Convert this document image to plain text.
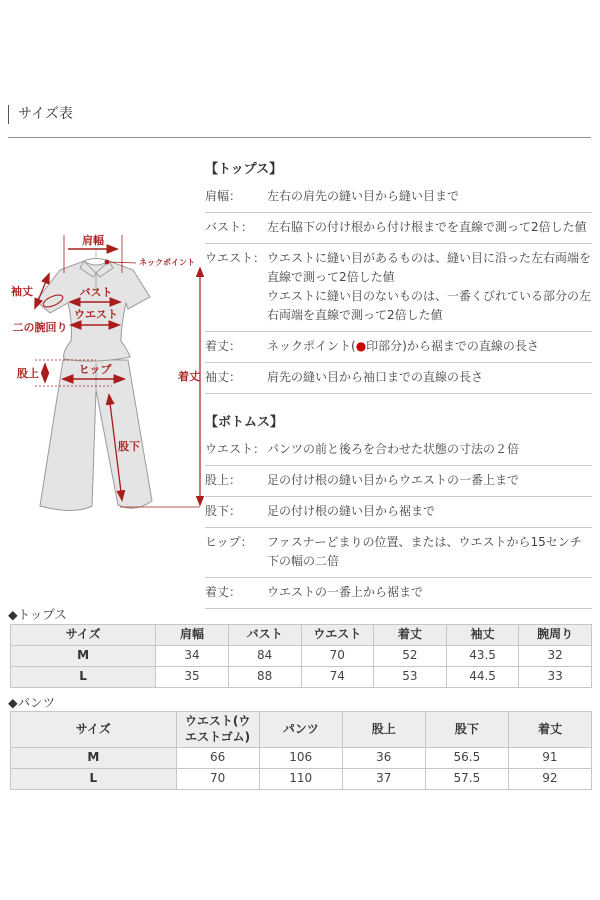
サイズ表
肩幅
ネックポイント
袖丈	バスト
ウエスト
二の腕回り
股上	ヒップ
着丈
股下
【トップス】
肩幅：	左右の肩先の縫い目から縫い目まで
バスト：	左右脇下の付け根から付け根までを直線で測って2倍した値
ウエスト： ウエストに縫い目があるものは、縫い目に沿った左右両端を直線で測って2倍した値
ウエストに縫い目のないものは、一番くびれている部分の左右両端を直線で測って2倍した値
着丈：	ネックポイント(●印部分)から裾までの直線の長さ
袖丈：	肩先の縫い目から袖口までの直線の長さ
【ボトムス】
ウエスト： パンツの前と後ろを合わせた状態の寸法の２倍
股上：	足の付け根の縫い目からウエストの一番上まで
股下：	足の付け根の縫い目から裾まで
ヒップ：	ファスナーどまりの位置、または、ウエストから15センチ下の幅の二倍
着丈：	ウエストの一番上から裾まで
◆トップス
サイズ	肩幅	バスト	ウエスト	着丈	袖丈	腕周り
M	34	84	70	52	43.5	32
L	35	88	74	53	44.5	33
◆パンツ
サイズ	ウエスト(ウエストゴム)	パンツ	股上	股下	着丈
M	66	106	36	56.5	91
L	70	110	37	57.5	92
